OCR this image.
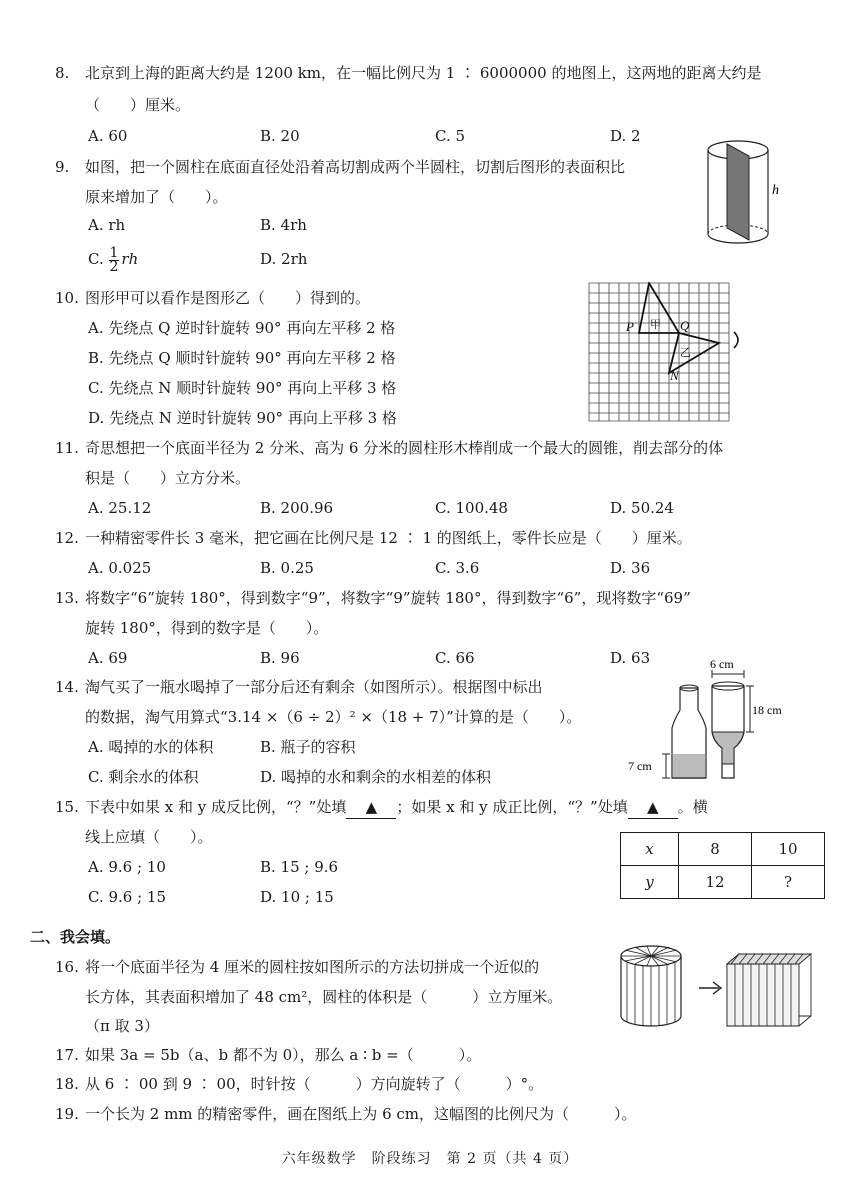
8. 北京到上海的距离大约是 1200 km，在一幅比例尺为 1 ∶ 6000000 的地图上，这两地的距离大约是
（　　）厘米。
A. 60	B. 20	C. 5	D. 2
9. 如图，把一个圆柱在底面直径处沿着高切割成两个半圆柱，切割后图形的表面积比
原来增加了（　　）。
A. rh	B. 4rh
C. $\frac{1}{2}$ rh	D. 2rh
h
10. 图形甲可以看作是图形乙（　　）得到的。
A. 先绕点 Q 逆时针旋转 90° 再向左平移 2 格
B. 先绕点 Q 顺时针旋转 90° 再向左平移 2 格
C. 先绕点 N 顺时针旋转 90° 再向上平移 3 格
D. 先绕点 N 逆时针旋转 90° 再向上平移 3 格
P	Q
N
甲
乙
11. 奇思想把一个底面半径为 2 分米、高为 6 分米的圆柱形木棒削成一个最大的圆锥，削去部分的体
积是（　　）立方分米。
A. 25.12	B. 200.96	C. 100.48	D. 50.24
12. 一种精密零件长 3 毫米，把它画在比例尺是 12 ∶ 1 的图纸上，零件长应是（　　）厘米。
A. 0.025	B. 0.25	C. 3.6	D. 36
13. 将数字“6”旋转 180°，得到数字“9”，将数字“9”旋转 180°，得到数字“6”，现将数字“69”
旋转 180°，得到的数字是（　　）。
A. 69	B. 96	C. 66	D. 63
14. 淘气买了一瓶水喝掉了一部分后还有剩余（如图所示）。根据图中标出
的数据，淘气用算式“3.14 ×（6 ÷ 2）² ×（18 + 7）”计算的是（　　）。
A. 喝掉的水的体积	B. 瓶子的容积
C. 剩余水的体积	D. 喝掉的水和剩余的水相差的体积
6 cm
18 cm
7 cm
15. 下表中如果 x 和 y 成反比例，“？”处填 ▲ ；如果 x 和 y 成正比例，“？”处填 ▲ 。横
线上应填（　　）。
A. 9.6 ; 10	B. 15 ; 9.6
C. 9.6 ; 15	D. 10 ; 15
x	8	10
y	12	?
二、我会填。
16. 将一个底面半径为 4 厘米的圆柱按如图所示的方法切拼成一个近似的
长方体，其表面积增加了 48 cm²，圆柱的体积是（　　　）立方厘米。
（π 取 3）
17. 如果 3a = 5b（a、b 都不为 0），那么 a ∶ b =（　　　）。
18. 从 6 ∶ 00 到 9 ∶ 00，时针按（　　　）方向旋转了（　　　）°。
19. 一个长为 2 mm 的精密零件，画在图纸上为 6 cm，这幅图的比例尺为（　　　）。
六年级数学　阶段练习　第 2 页（共 4 页）
